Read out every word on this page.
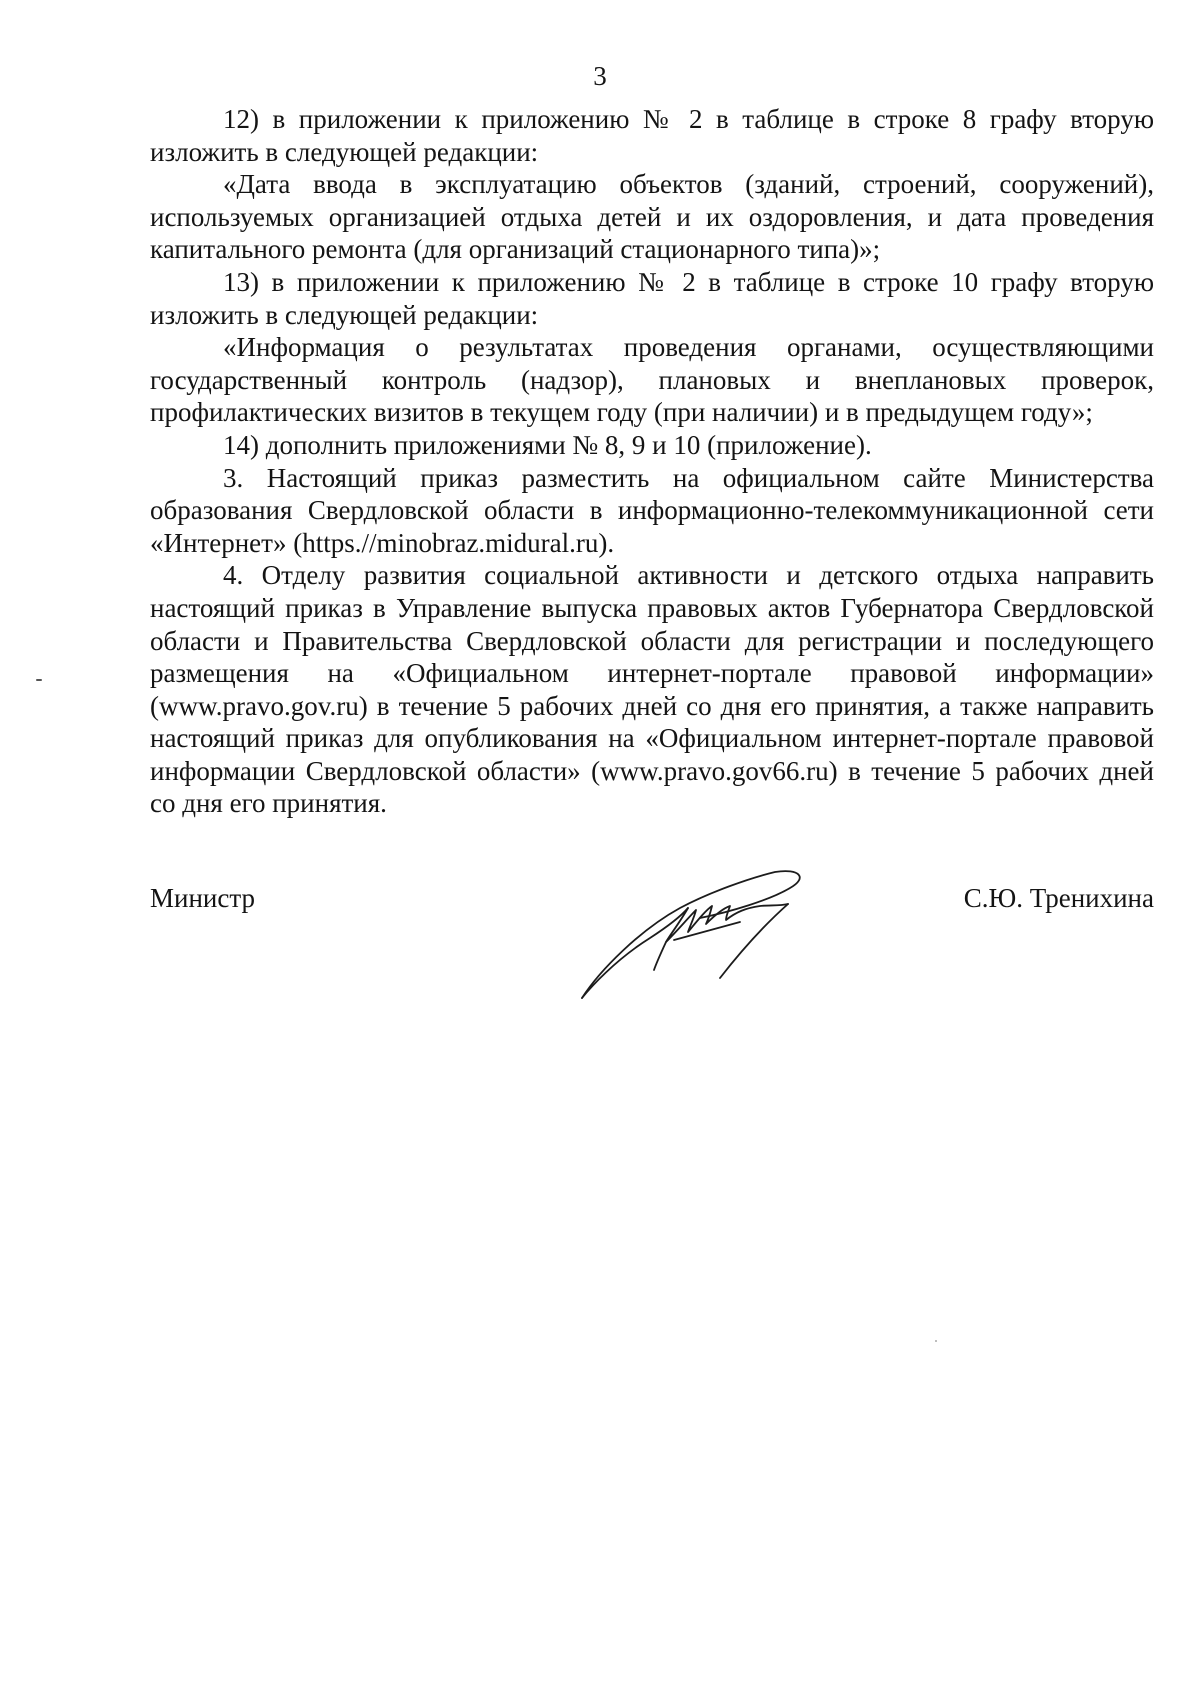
3

12) в приложении к приложению № 2 в таблице в строке 8 графу вторую изложить в следующей редакции:

«Дата ввода в эксплуатацию объектов (зданий, строений, сооружений), используемых организацией отдыха детей и их оздоровления, и дата проведения капитального ремонта (для организаций стационарного типа)»;

13) в приложении к приложению № 2 в таблице в строке 10 графу вторую изложить в следующей редакции:

«Информация о результатах проведения органами, осуществляющими государственный контроль (надзор), плановых и внеплановых проверок, профилактических визитов в текущем году (при наличии) и в предыдущем году»;

14) дополнить приложениями № 8, 9 и 10 (приложение).

3. Настоящий приказ разместить на официальном сайте Министерства образования Свердловской области в информационно-телекоммуникационной сети «Интернет» (https.//minobraz.midural.ru).

4. Отделу развития социальной активности и детского отдыха направить настоящий приказ в Управление выпуска правовых актов Губернатора Свердловской области и Правительства Свердловской области для регистрации и последующего размещения на «Официальном интернет-портале правовой информации» (www.pravo.gov.ru) в течение 5 рабочих дней со дня его принятия, а также направить настоящий приказ для опубликования на «Официальном интернет-портале правовой информации Свердловской области» (www.pravo.gov66.ru) в течение 5 рабочих дней со дня его принятия.

Министр	С.Ю. Тренихина
